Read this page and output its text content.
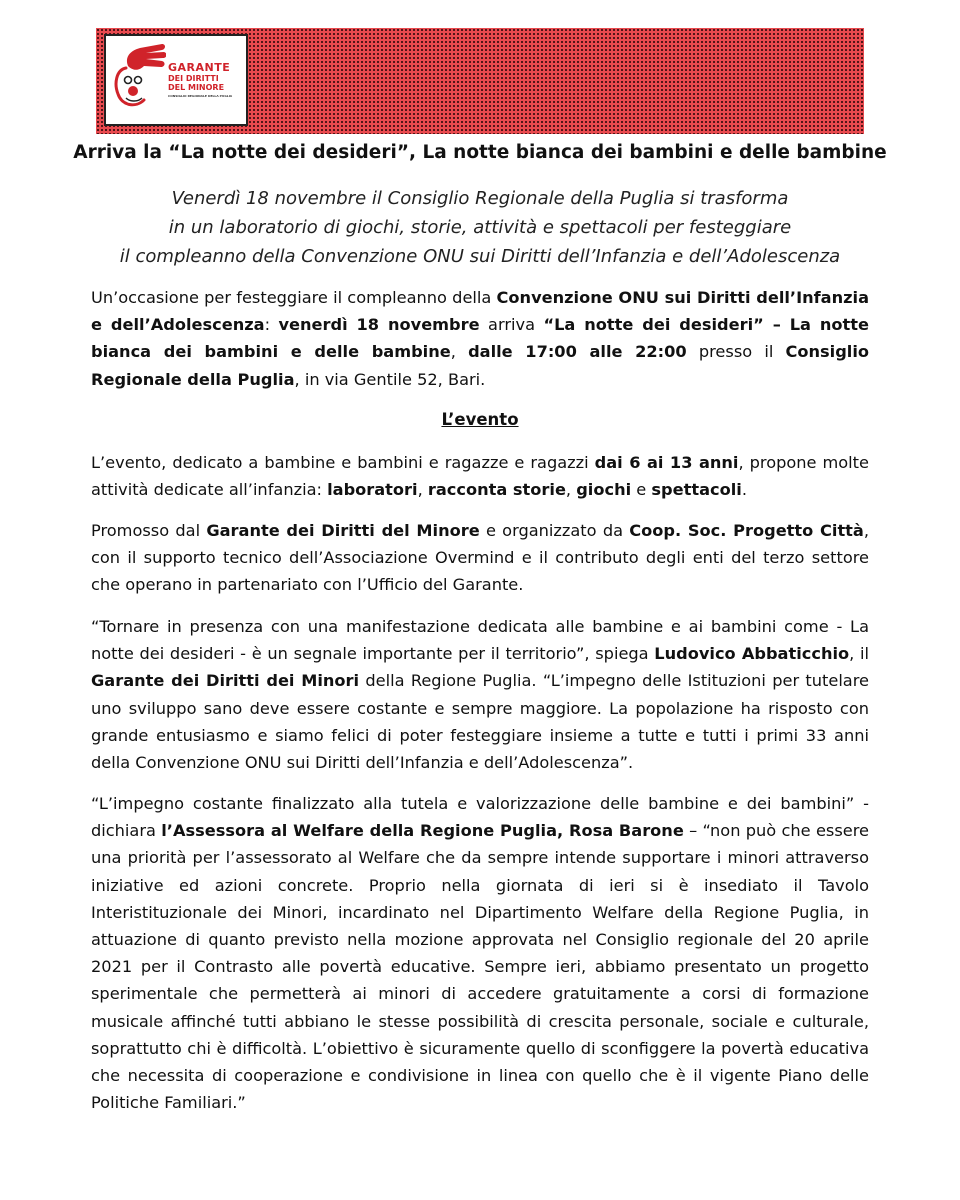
GARANTE
DEI DIRITTI
DEL MINORE
CONSIGLIO REGIONALE DELLA PUGLIA
Arriva la “La notte dei desideri”, La notte bianca dei bambini e delle bambine
Venerdì 18 novembre il Consiglio Regionale della Puglia si trasforma
in un laboratorio di giochi, storie, attività e spettacoli per festeggiare
il compleanno della Convenzione ONU sui Diritti dell’Infanzia e dell’Adolescenza

Un’occasione per festeggiare il compleanno della Convenzione ONU sui Diritti dell’Infanzia e dell’Adolescenza: venerdì 18 novembre arriva “La notte dei desideri” – La notte bianca dei bambini e delle bambine, dalle 17:00 alle 22:00 presso il Consiglio Regionale della Puglia, in via Gentile 52, Bari.

L’evento

L’evento, dedicato a bambine e bambini e ragazze e ragazzi dai 6 ai 13 anni, propone molte attività dedicate all’infanzia: laboratori, racconta storie, giochi e spettacoli.

Promosso dal Garante dei Diritti del Minore e organizzato da Coop. Soc. Progetto Città, con il supporto tecnico dell’Associazione Overmind e il contributo degli enti del terzo settore che operano in partenariato con l’Ufficio del Garante.

“Tornare in presenza con una manifestazione dedicata alle bambine e ai bambini come - La notte dei desideri - è un segnale importante per il territorio”, spiega Ludovico Abbaticchio, il Garante dei Diritti dei Minori della Regione Puglia. “L’impegno delle Istituzioni per tutelare uno sviluppo sano deve essere costante e sempre maggiore. La popolazione ha risposto con grande entusiasmo e siamo felici di poter festeggiare insieme a tutte e tutti i primi 33 anni della Convenzione ONU sui Diritti dell’Infanzia e dell’Adolescenza”.

“L’impegno costante finalizzato alla tutela e valorizzazione delle bambine e dei bambini” - dichiara l’Assessora al Welfare della Regione Puglia, Rosa Barone – “non può che essere una priorità per l’assessorato al Welfare che da sempre intende supportare i minori attraverso iniziative ed azioni concrete. Proprio nella giornata di ieri si è insediato il Tavolo Interistituzionale dei Minori, incardinato nel Dipartimento Welfare della Regione Puglia, in attuazione di quanto previsto nella mozione approvata nel Consiglio regionale del 20 aprile 2021 per il Contrasto alle povertà educative. Sempre ieri, abbiamo presentato un progetto sperimentale che permetterà ai minori di accedere gratuitamente a corsi di formazione musicale affinché tutti abbiano le stesse possibilità di crescita personale, sociale e culturale, soprattutto chi è difficoltà. L’obiettivo è sicuramente quello di sconfiggere la povertà educativa che necessita di cooperazione e condivisione in linea con quello che è il vigente Piano delle Politiche Familiari.”
